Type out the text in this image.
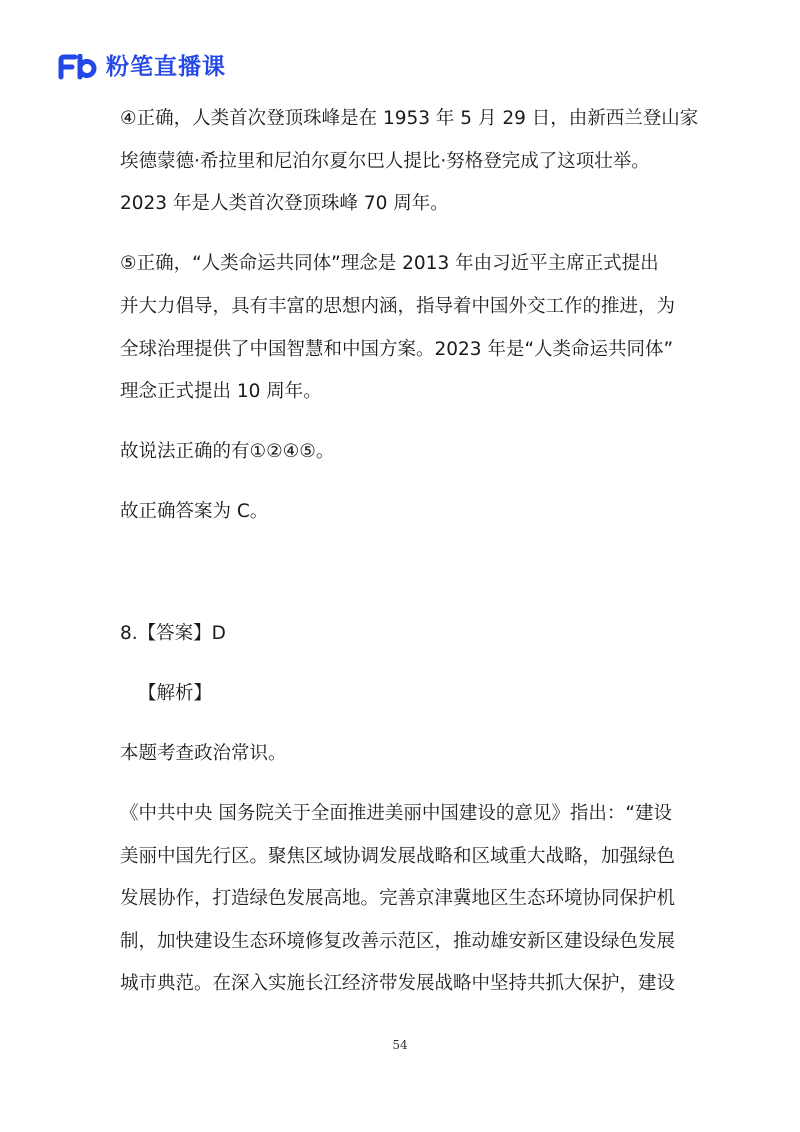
粉笔直播课
④正确，人类首次登顶珠峰是在 1953 年 5 月 29 日，由新西兰登山家
埃德蒙德·希拉里和尼泊尔夏尔巴人提比·努格登完成了这项壮举。
2023 年是人类首次登顶珠峰 70 周年。
⑤正确，“人类命运共同体”理念是 2013 年由习近平主席正式提出
并大力倡导，具有丰富的思想内涵，指导着中国外交工作的推进，为
全球治理提供了中国智慧和中国方案。2023 年是“人类命运共同体”
理念正式提出 10 周年。
故说法正确的有①②④⑤。
故正确答案为 C。
8.【答案】D
【解析】
本题考查政治常识。
《中共中央 国务院关于全面推进美丽中国建设的意见》指出：“建设
美丽中国先行区。聚焦区域协调发展战略和区域重大战略，加强绿色
发展协作，打造绿色发展高地。完善京津冀地区生态环境协同保护机
制，加快建设生态环境修复改善示范区，推动雄安新区建设绿色发展
城市典范。在深入实施长江经济带发展战略中坚持共抓大保护，建设
54
